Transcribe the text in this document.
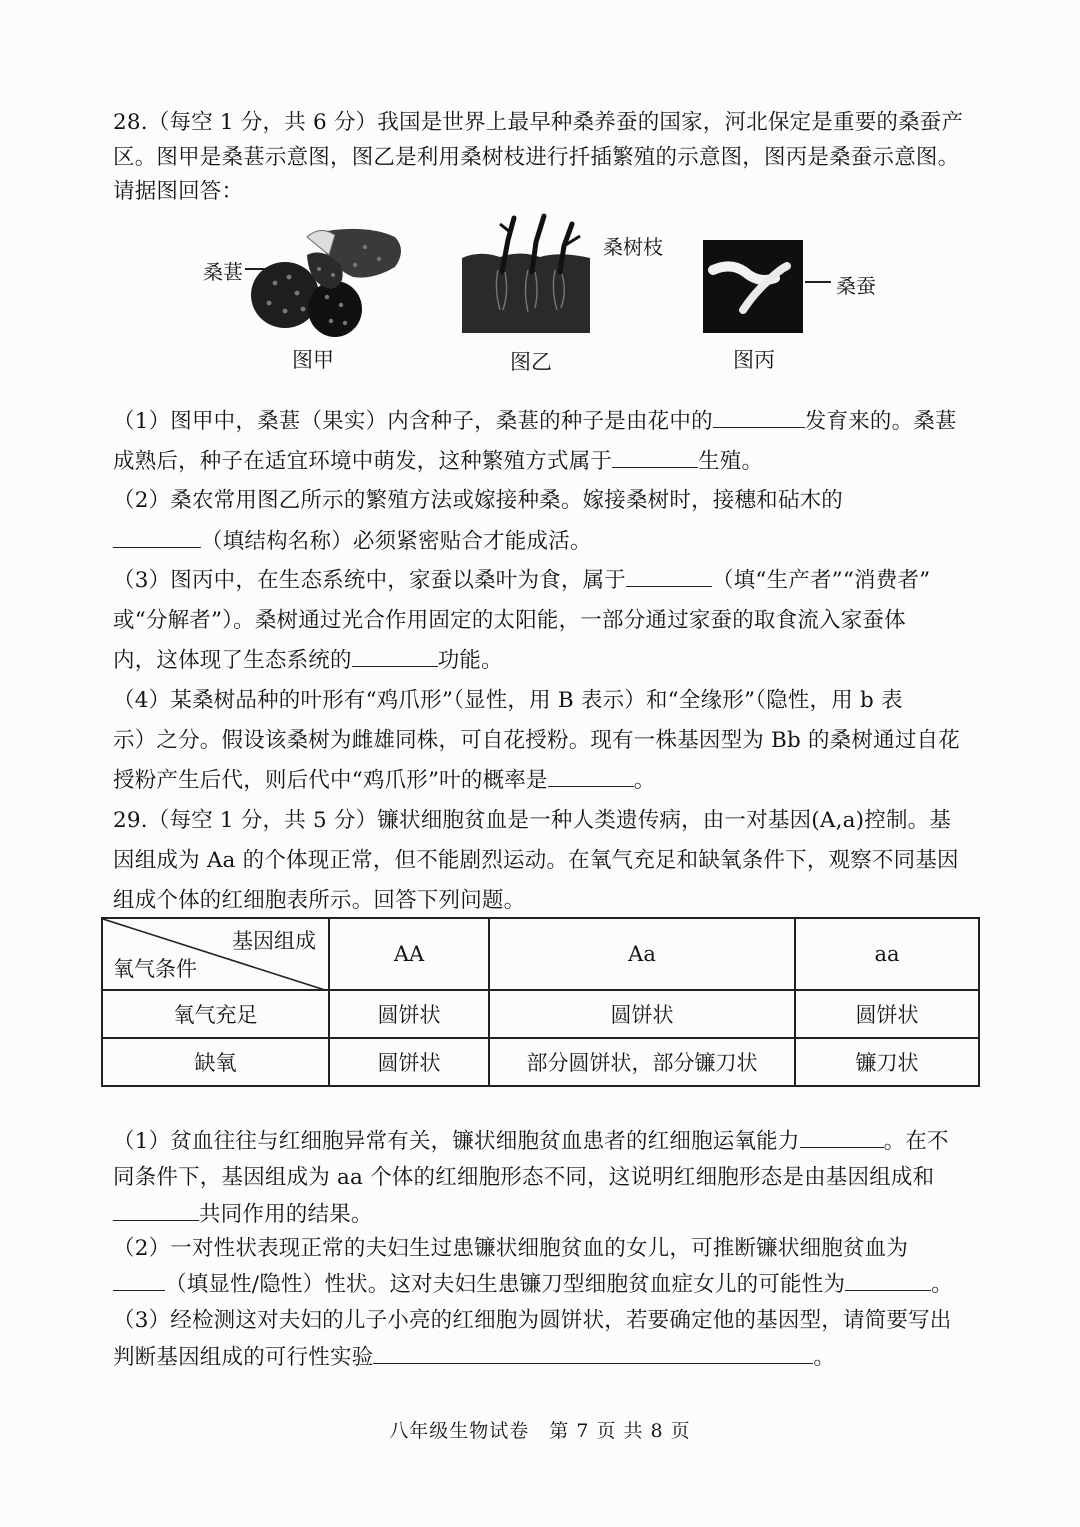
28.（每空 1 分，共 6 分）我国是世界上最早种桑养蚕的国家，河北保定是重要的桑蚕产
区。图甲是桑葚示意图，图乙是利用桑树枝进行扦插繁殖的示意图，图丙是桑蚕示意图。
请据图回答：
桑葚
图甲
桑树枝
图乙
桑蚕
图丙
（1）图甲中，桑葚（果实）内含种子，桑葚的种子是由花中的	发育来的。桑葚
成熟后，种子在适宜环境中萌发，这种繁殖方式属于	生殖。
（2）桑农常用图乙所示的繁殖方法或嫁接种桑。嫁接桑树时，接穗和砧木的
（填结构名称）必须紧密贴合才能成活。
（3）图丙中，在生态系统中，家蚕以桑叶为食，属于	（填“生产者”“消费者”
或“分解者”）。桑树通过光合作用固定的太阳能，一部分通过家蚕的取食流入家蚕体
内，这体现了生态系统的	功能。
（4）某桑树品种的叶形有“鸡爪形”（显性，用 B 表示）和“全缘形”（隐性，用 b 表
示）之分。假设该桑树为雌雄同株，可自花授粉。现有一株基因型为 Bb 的桑树通过自花
授粉产生后代，则后代中“鸡爪形”叶的概率是	。
29.（每空 1 分，共 5 分）镰状细胞贫血是一种人类遗传病，由一对基因(A,a)控制。基
因组成为 Aa 的个体现正常，但不能剧烈运动。在氧气充足和缺氧条件下，观察不同基因
组成个体的红细胞表所示。回答下列问题。
基因组成
氧气条件	AA	Aa	aa
氧气充足	圆饼状	圆饼状	圆饼状
缺氧	圆饼状	部分圆饼状，部分镰刀状	镰刀状
（1）贫血往往与红细胞异常有关，镰状细胞贫血患者的红细胞运氧能力	。在不
同条件下，基因组成为 aa 个体的红细胞形态不同，这说明红细胞形态是由基因组成和
共同作用的结果。
（2）一对性状表现正常的夫妇生过患镰状细胞贫血的女儿，可推断镰状细胞贫血为
（填显性/隐性）性状。这对夫妇生患镰刀型细胞贫血症女儿的可能性为	。
（3）经检测这对夫妇的儿子小亮的红细胞为圆饼状，若要确定他的基因型，请简要写出
判断基因组成的可行性实验	。
八年级生物试卷　第 7 页 共 8 页
